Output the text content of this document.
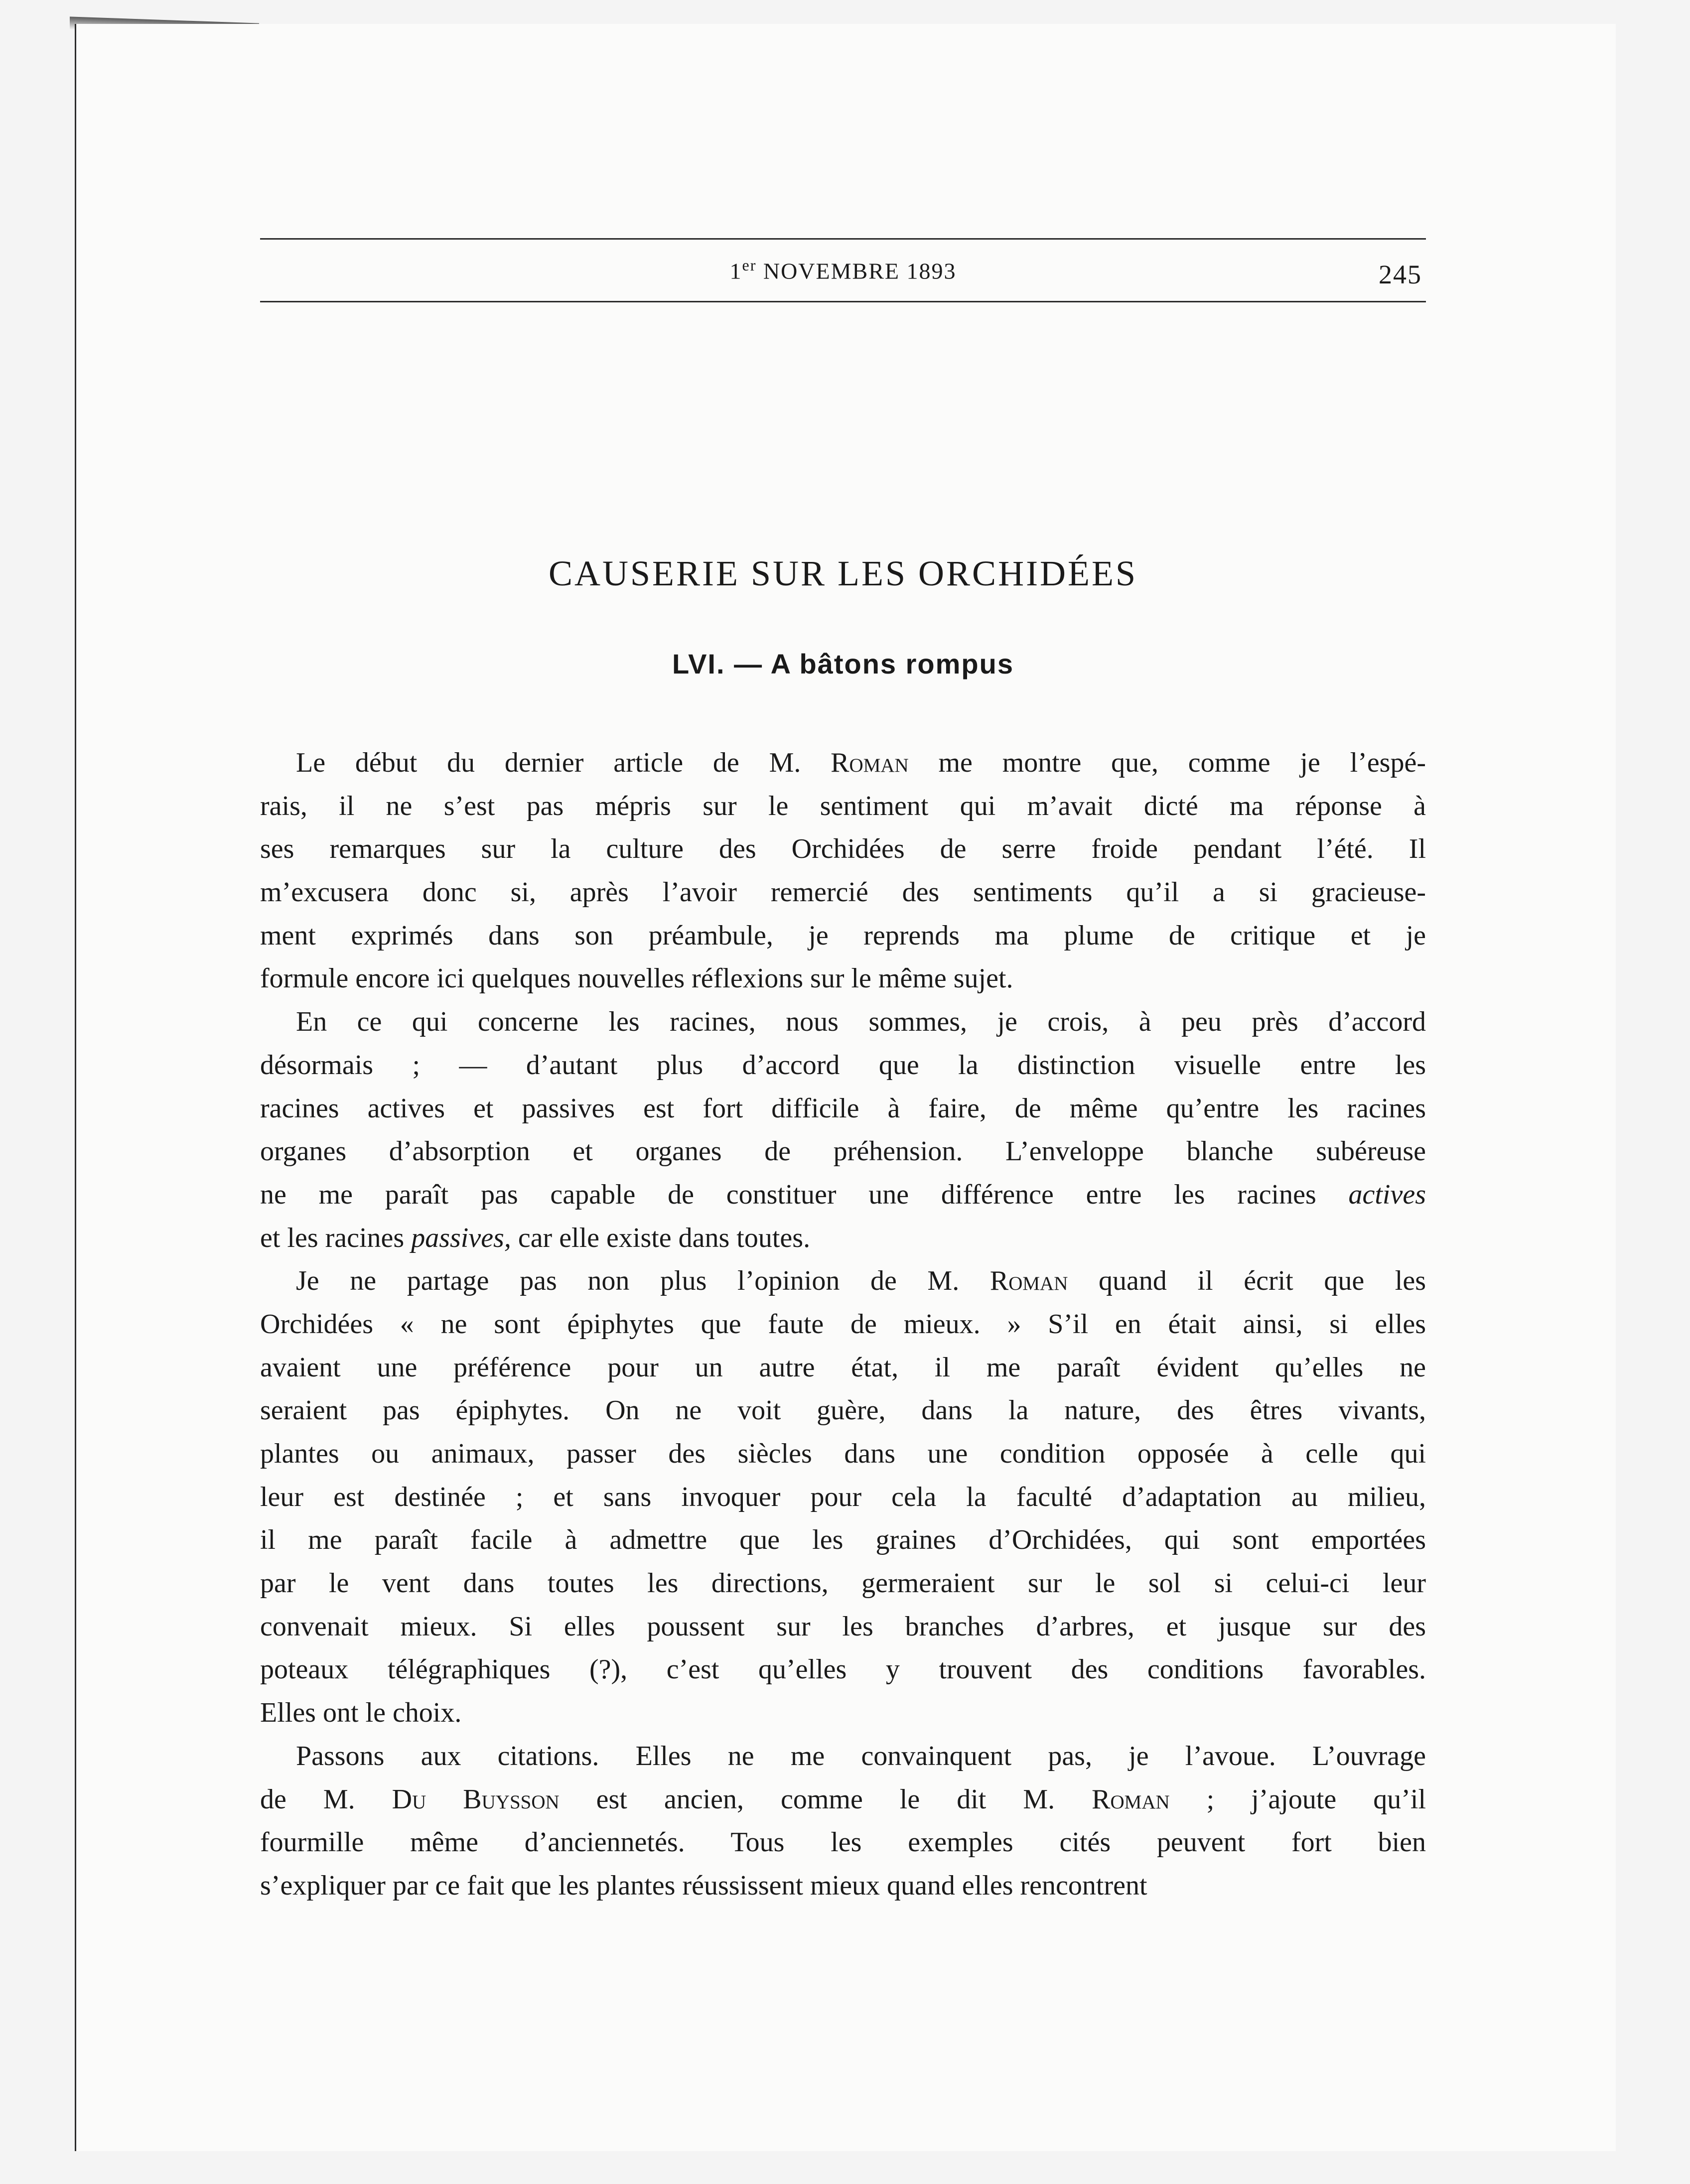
1er NOVEMBRE 1893	245
CAUSERIE SUR LES ORCHIDÉES
LVI. — A bâtons rompus
Le début du dernier article de M. Roman me montre que, comme je l’espé-
rais, il ne s’est pas mépris sur le sentiment qui m’avait dicté ma réponse à
ses remarques sur la culture des Orchidées de serre froide pendant l’été. Il
m’excusera donc si, après l’avoir remercié des sentiments qu’il a si gracieuse-
ment exprimés dans son préambule, je reprends ma plume de critique et je
formule encore ici quelques nouvelles réflexions sur le même sujet.
En ce qui concerne les racines, nous sommes, je crois, à peu près d’accord
désormais ; — d’autant plus d’accord que la distinction visuelle entre les
racines actives et passives est fort difficile à faire, de même qu’entre les racines
organes d’absorption et organes de préhension. L’enveloppe blanche subéreuse
ne me paraît pas capable de constituer une différence entre les racines actives
et les racines passives, car elle existe dans toutes.
Je ne partage pas non plus l’opinion de M. Roman quand il écrit que les
Orchidées « ne sont épiphytes que faute de mieux. » S’il en était ainsi, si elles
avaient une préférence pour un autre état, il me paraît évident qu’elles ne
seraient pas épiphytes. On ne voit guère, dans la nature, des êtres vivants,
plantes ou animaux, passer des siècles dans une condition opposée à celle qui
leur est destinée ; et sans invoquer pour cela la faculté d’adaptation au milieu,
il me paraît facile à admettre que les graines d’Orchidées, qui sont emportées
par le vent dans toutes les directions, germeraient sur le sol si celui-ci leur
convenait mieux. Si elles poussent sur les branches d’arbres, et jusque sur des
poteaux télégraphiques (?), c’est qu’elles y trouvent des conditions favorables.
Elles ont le choix.
Passons aux citations. Elles ne me convainquent pas, je l’avoue. L’ouvrage
de M. Du Buysson est ancien, comme le dit M. Roman ; j’ajoute qu’il
fourmille même d’anciennetés. Tous les exemples cités peuvent fort bien
s’expliquer par ce fait que les plantes réussissent mieux quand elles rencontrent
